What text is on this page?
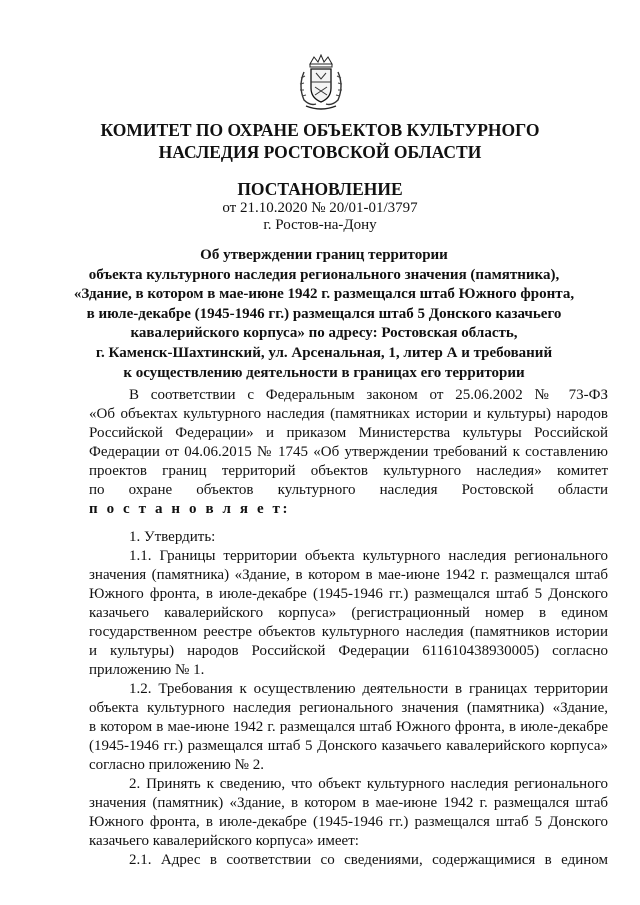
КОМИТЕТ ПО ОХРАНЕ ОБЪЕКТОВ КУЛЬТУРНОГО
НАСЛЕДИЯ РОСТОВСКОЙ ОБЛАСТИ
ПОСТАНОВЛЕНИЕ
от 21.10.2020 № 20/01-01/3797
г. Ростов-на-Дону
Об утверждении границ территории
объекта культурного наследия регионального значения (памятника),
«Здание, в котором в мае-июне 1942 г. размещался штаб Южного фронта,
в июле-декабре (1945-1946 гг.) размещался штаб 5 Донского казачьего
кавалерийского корпуса» по адресу: Ростовская область,
г. Каменск-Шахтинский, ул. Арсенальная, 1, литер А и требований
к осуществлению деятельности в границах его территории
В соответствии с Федеральным законом от 25.06.2002 № 73-ФЗ
«Об объектах культурного наследия (памятниках истории и культуры) народов
Российской Федерации» и приказом Министерства культуры Российской
Федерации от 04.06.2015 № 1745 «Об утверждении требований к составлению
проектов границ территорий объектов культурного наследия» комитет
по охране объектов культурного наследия Ростовской области
п о с т а н о в л я е т:
1. Утвердить:
1.1. Границы территории объекта культурного наследия регионального
значения (памятника) «Здание, в котором в мае-июне 1942 г. размещался штаб
Южного фронта, в июле-декабре (1945-1946 гг.) размещался штаб 5 Донского
казачьего кавалерийского корпуса» (регистрационный номер в едином
государственном реестре объектов культурного наследия (памятников истории
и культуры) народов Российской Федерации 611610438930005) согласно
приложению № 1.
1.2. Требования к осуществлению деятельности в границах территории
объекта культурного наследия регионального значения (памятника) «Здание,
в котором в мае-июне 1942 г. размещался штаб Южного фронта, в июле-декабре
(1945-1946 гг.) размещался штаб 5 Донского казачьего кавалерийского корпуса»
согласно приложению № 2.
2. Принять к сведению, что объект культурного наследия регионального
значения (памятник) «Здание, в котором в мае-июне 1942 г. размещался штаб
Южного фронта, в июле-декабре (1945-1946 гг.) размещался штаб 5 Донского
казачьего кавалерийского корпуса» имеет:
2.1. Адрес в соответствии со сведениями, содержащимися в едином
